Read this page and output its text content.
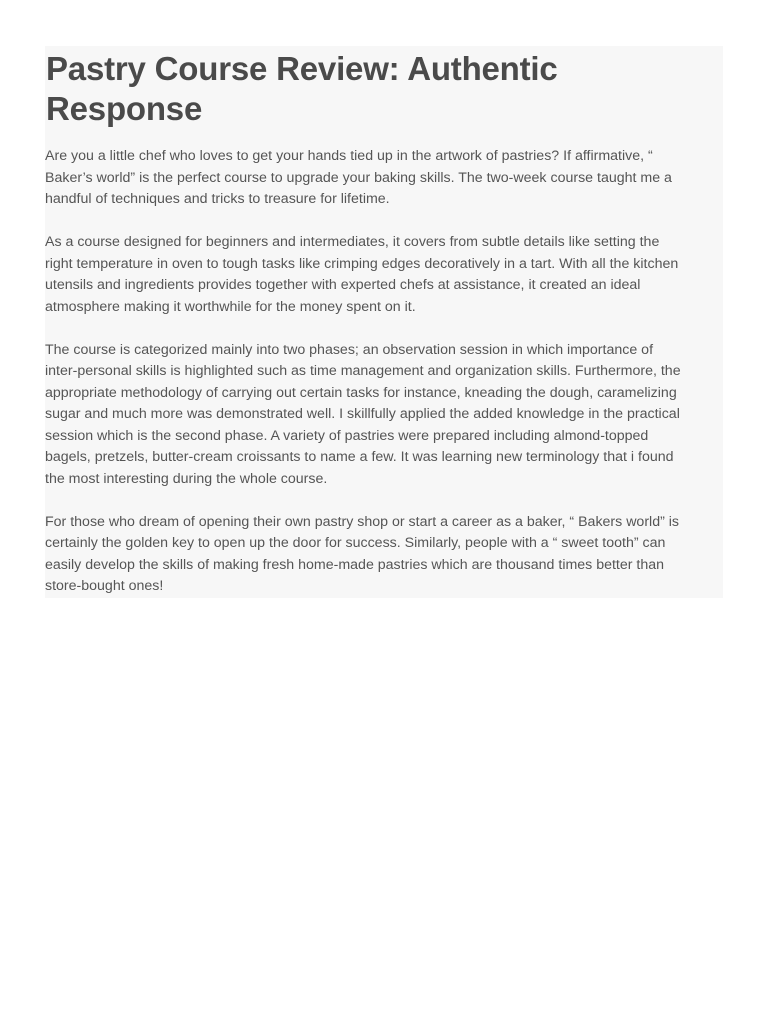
Pastry Course Review: Authentic Response

Are you a little chef who loves to get your hands tied up in the artwork of pastries? If affirmative, “
Baker’s world” is the perfect course to upgrade your baking skills. The two-week course taught me a
handful of techniques and tricks to treasure for lifetime.

As a course designed for beginners and intermediates, it covers from subtle details like setting the
right temperature in oven to tough tasks like crimping edges decoratively in a tart. With all the kitchen
utensils and ingredients provides together with experted chefs at assistance, it created an ideal
atmosphere making it worthwhile for the money spent on it.

The course is categorized mainly into two phases; an observation session in which importance of
inter-personal skills is highlighted such as time management and organization skills. Furthermore, the
appropriate methodology of carrying out certain tasks for instance, kneading the dough, caramelizing
sugar and much more was demonstrated well. I skillfully applied the added knowledge in the practical
session which is the second phase. A variety of pastries were prepared including almond-topped
bagels, pretzels, butter-cream croissants to name a few. It was learning new terminology that i found
the most interesting during the whole course.

For those who dream of opening their own pastry shop or start a career as a baker, “ Bakers world” is
certainly the golden key to open up the door for success. Similarly, people with a “ sweet tooth” can
easily develop the skills of making fresh home-made pastries which are thousand times better than
store-bought ones!
